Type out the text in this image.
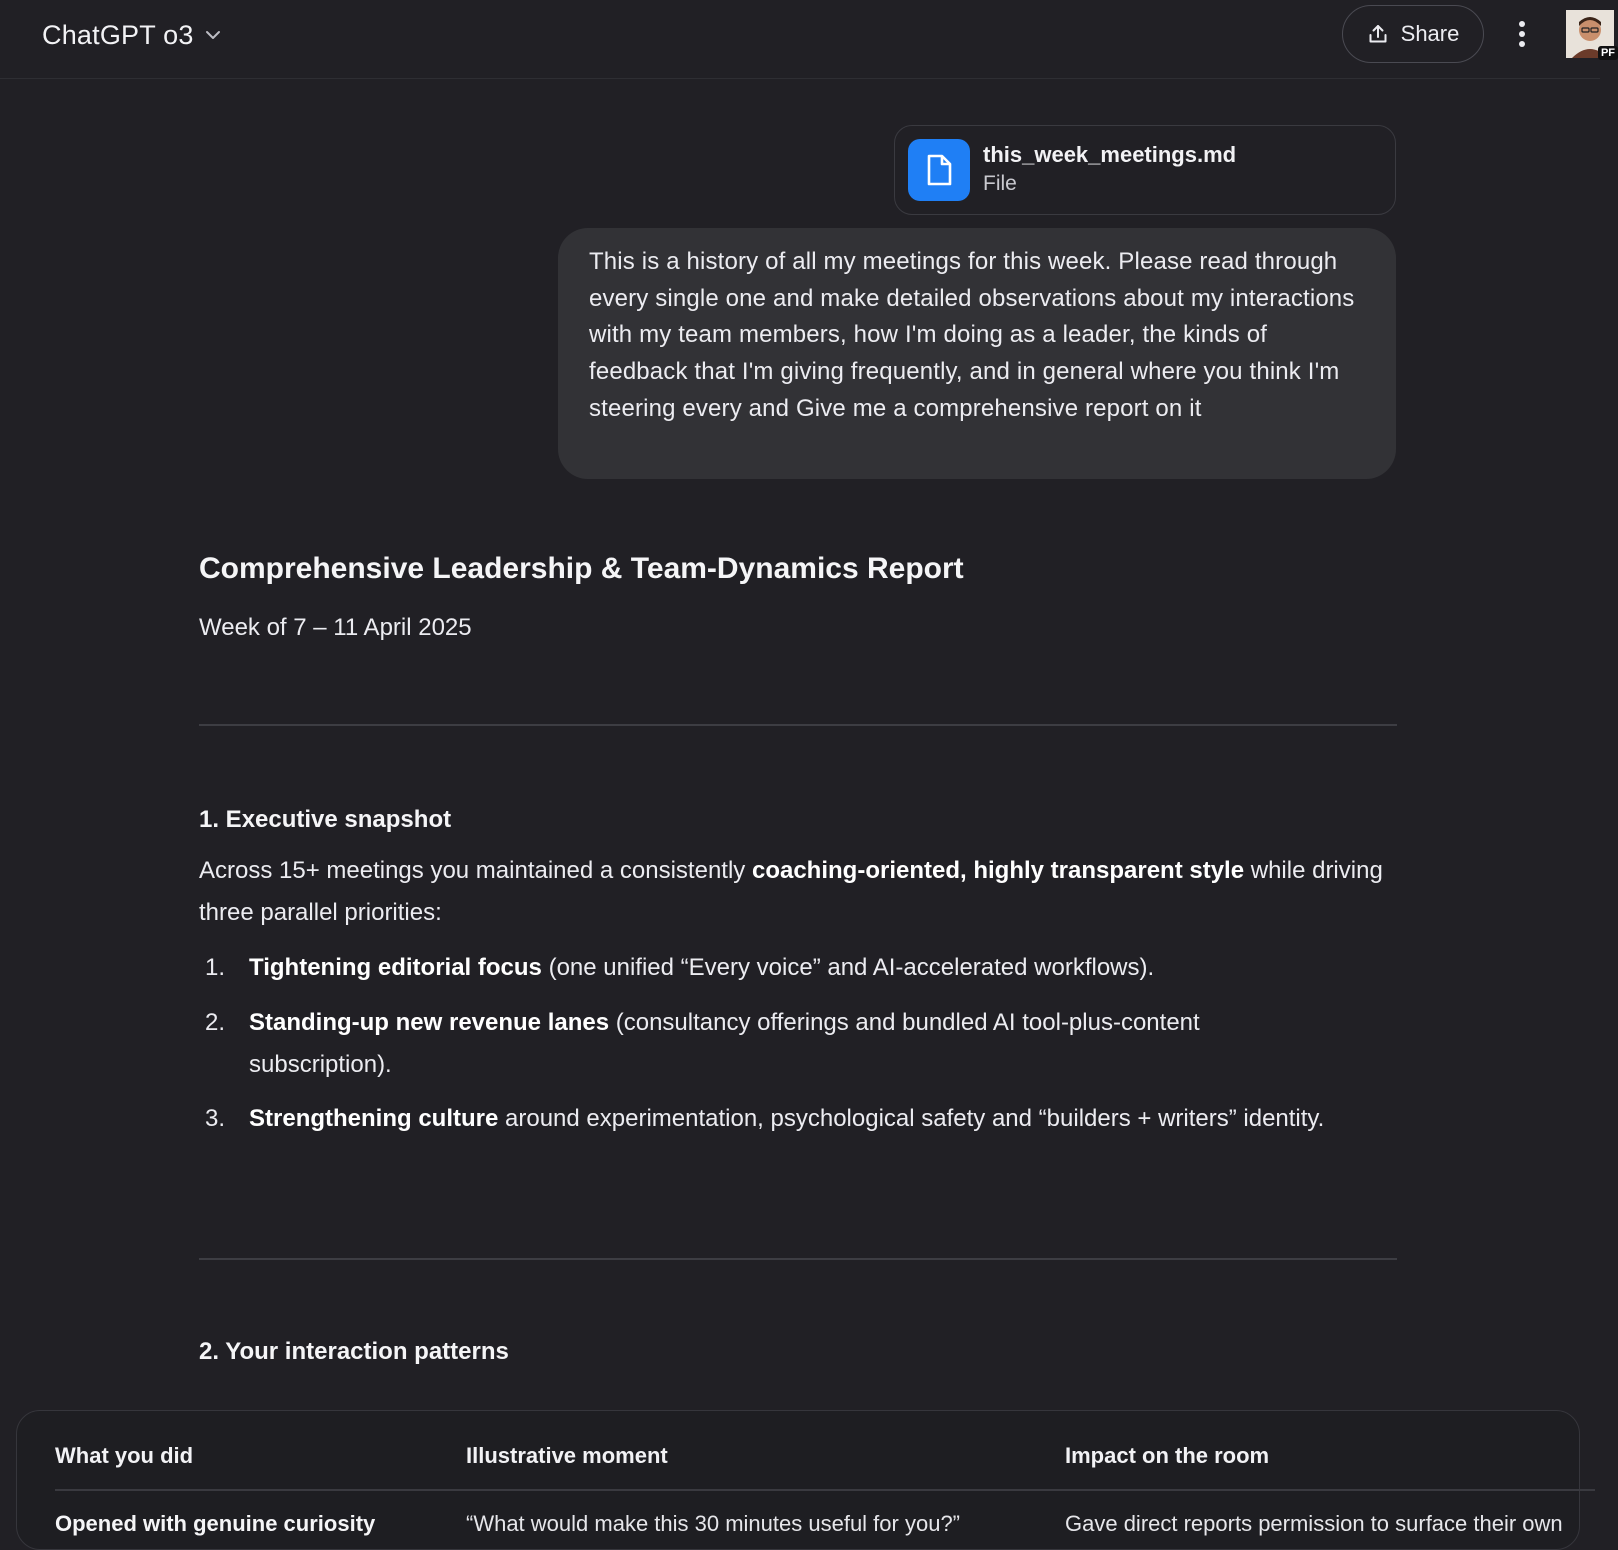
ChatGPT o3	Share
PF
this_week_meetings.md
File
This is a history of all my meetings for this week. Please read through every single one and make detailed observations about my interactions with my team members, how I'm doing as a leader, the kinds of feedback that I'm giving frequently, and in general where you think I'm steering every and Give me a comprehensive report on it
Comprehensive Leadership & Team-Dynamics Report
Week of 7 – 11 April 2025
1. Executive snapshot
Across 15+ meetings you maintained a consistently coaching-oriented, highly transparent style while driving three parallel priorities:
1. Tightening editorial focus (one unified “Every voice” and AI-accelerated workflows).
2. Standing-up new revenue lanes (consultancy offerings and bundled AI tool-plus-content subscription).
3. Strengthening culture around experimentation, psychological safety and “builders + writers” identity.
2. Your interaction patterns
What you did	Illustrative moment	Impact on the room
Opened with genuine curiosity	“What would make this 30 minutes useful for you?”	Gave direct reports permission to surface their own
